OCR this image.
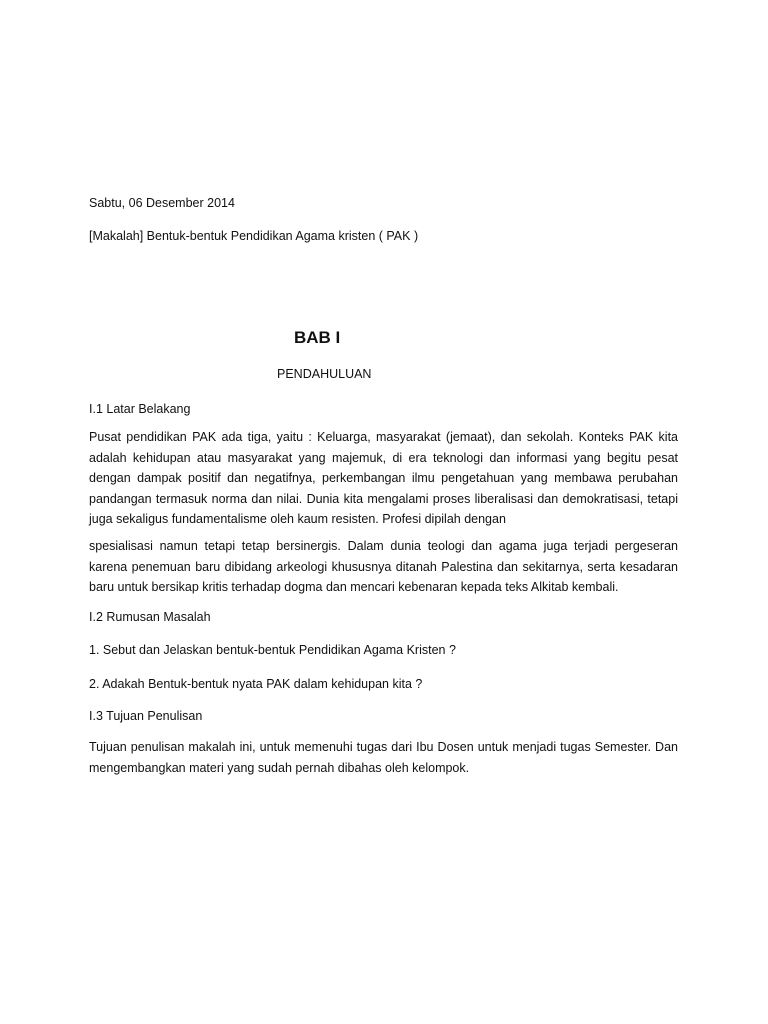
Sabtu, 06 Desember 2014
[Makalah] Bentuk-bentuk Pendidikan Agama kristen ( PAK )
BAB I
PENDAHULUAN
I.1 Latar Belakang

Pusat pendidikan PAK ada tiga, yaitu : Keluarga, masyarakat (jemaat), dan sekolah. Konteks PAK kita adalah kehidupan atau masyarakat yang majemuk, di era teknologi dan informasi yang begitu pesat dengan dampak positif dan negatifnya, perkembangan ilmu pengetahuan yang membawa perubahan pandangan termasuk norma dan nilai. Dunia kita mengalami proses liberalisasi dan demokratisasi, tetapi juga sekaligus fundamentalisme oleh kaum resisten. Profesi dipilah dengan

spesialisasi namun tetapi tetap bersinergis. Dalam dunia teologi dan agama juga terjadi pergeseran karena penemuan baru dibidang arkeologi khususnya ditanah Palestina dan sekitarnya, serta kesadaran baru untuk bersikap kritis terhadap dogma dan mencari kebenaran kepada teks Alkitab kembali.

I.2 Rumusan Masalah
1. Sebut dan Jelaskan bentuk-bentuk Pendidikan Agama Kristen ?
2. Adakah Bentuk-bentuk nyata PAK dalam kehidupan kita ?
I.3 Tujuan Penulisan

Tujuan penulisan makalah ini, untuk memenuhi tugas dari Ibu Dosen untuk menjadi tugas Semester. Dan mengembangkan materi yang sudah pernah dibahas oleh kelompok.
